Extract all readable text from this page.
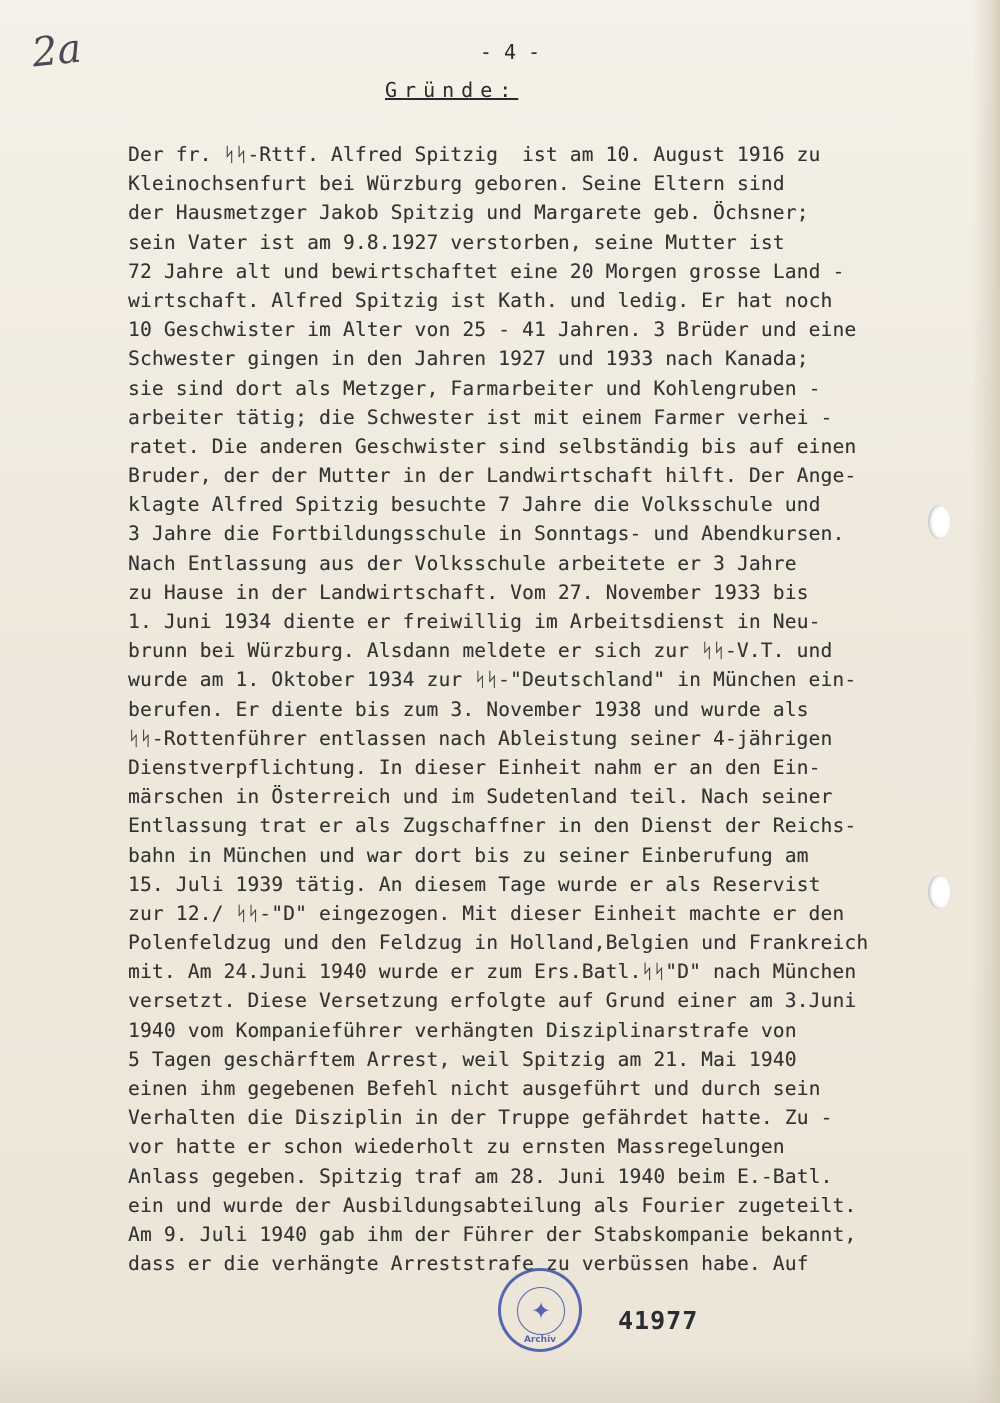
2a	- 4 -
Gründe:
Der fr. ᛋᛋ-Rttf. Alfred Spitzig  ist am 10. August 1916 zu
Kleinochsenfurt bei Würzburg geboren. Seine Eltern sind
der Hausmetzger Jakob Spitzig und Margarete geb. Öchsner;
sein Vater ist am 9.8.1927 verstorben, seine Mutter ist
72 Jahre alt und bewirtschaftet eine 20 Morgen grosse Land -
wirtschaft. Alfred Spitzig ist Kath. und ledig. Er hat noch
10 Geschwister im Alter von 25 - 41 Jahren. 3 Brüder und eine
Schwester gingen in den Jahren 1927 und 1933 nach Kanada;
sie sind dort als Metzger, Farmarbeiter und Kohlengruben -
arbeiter tätig; die Schwester ist mit einem Farmer verhei -
ratet. Die anderen Geschwister sind selbständig bis auf einen
Bruder, der der Mutter in der Landwirtschaft hilft. Der Ange-
klagte Alfred Spitzig besuchte 7 Jahre die Volksschule und
3 Jahre die Fortbildungsschule in Sonntags- und Abendkursen.
Nach Entlassung aus der Volksschule arbeitete er 3 Jahre
zu Hause in der Landwirtschaft. Vom 27. November 1933 bis
1. Juni 1934 diente er freiwillig im Arbeitsdienst in Neu-
brunn bei Würzburg. Alsdann meldete er sich zur ᛋᛋ-V.T. und
wurde am 1. Oktober 1934 zur ᛋᛋ-"Deutschland" in München ein-
berufen. Er diente bis zum 3. November 1938 und wurde als
ᛋᛋ-Rottenführer entlassen nach Ableistung seiner 4-jährigen
Dienstverpflichtung. In dieser Einheit nahm er an den Ein-
märschen in Österreich und im Sudetenland teil. Nach seiner
Entlassung trat er als Zugschaffner in den Dienst der Reichs-
bahn in München und war dort bis zu seiner Einberufung am
15. Juli 1939 tätig. An diesem Tage wurde er als Reservist
zur 12./ ᛋᛋ-"D" eingezogen. Mit dieser Einheit machte er den
Polenfeldzug und den Feldzug in Holland,Belgien und Frankreich
mit. Am 24.Juni 1940 wurde er zum Ers.Batl.ᛋᛋ"D" nach München
versetzt. Diese Versetzung erfolgte auf Grund einer am 3.Juni
1940 vom Kompanieführer verhängten Disziplinarstrafe von
5 Tagen geschärftem Arrest, weil Spitzig am 21. Mai 1940
einen ihm gegebenen Befehl nicht ausgeführt und durch sein
Verhalten die Disziplin in der Truppe gefährdet hatte. Zu -
vor hatte er schon wiederholt zu ernsten Massregelungen
Anlass gegeben. Spitzig traf am 28. Juni 1940 beim E.-Batl.
ein und wurde der Ausbildungsabteilung als Fourier zugeteilt.
Am 9. Juli 1940 gab ihm der Führer der Stabskompanie bekannt,
dass er die verhängte Arreststrafe zu verbüssen habe. Auf
✦
Archiv
41977
